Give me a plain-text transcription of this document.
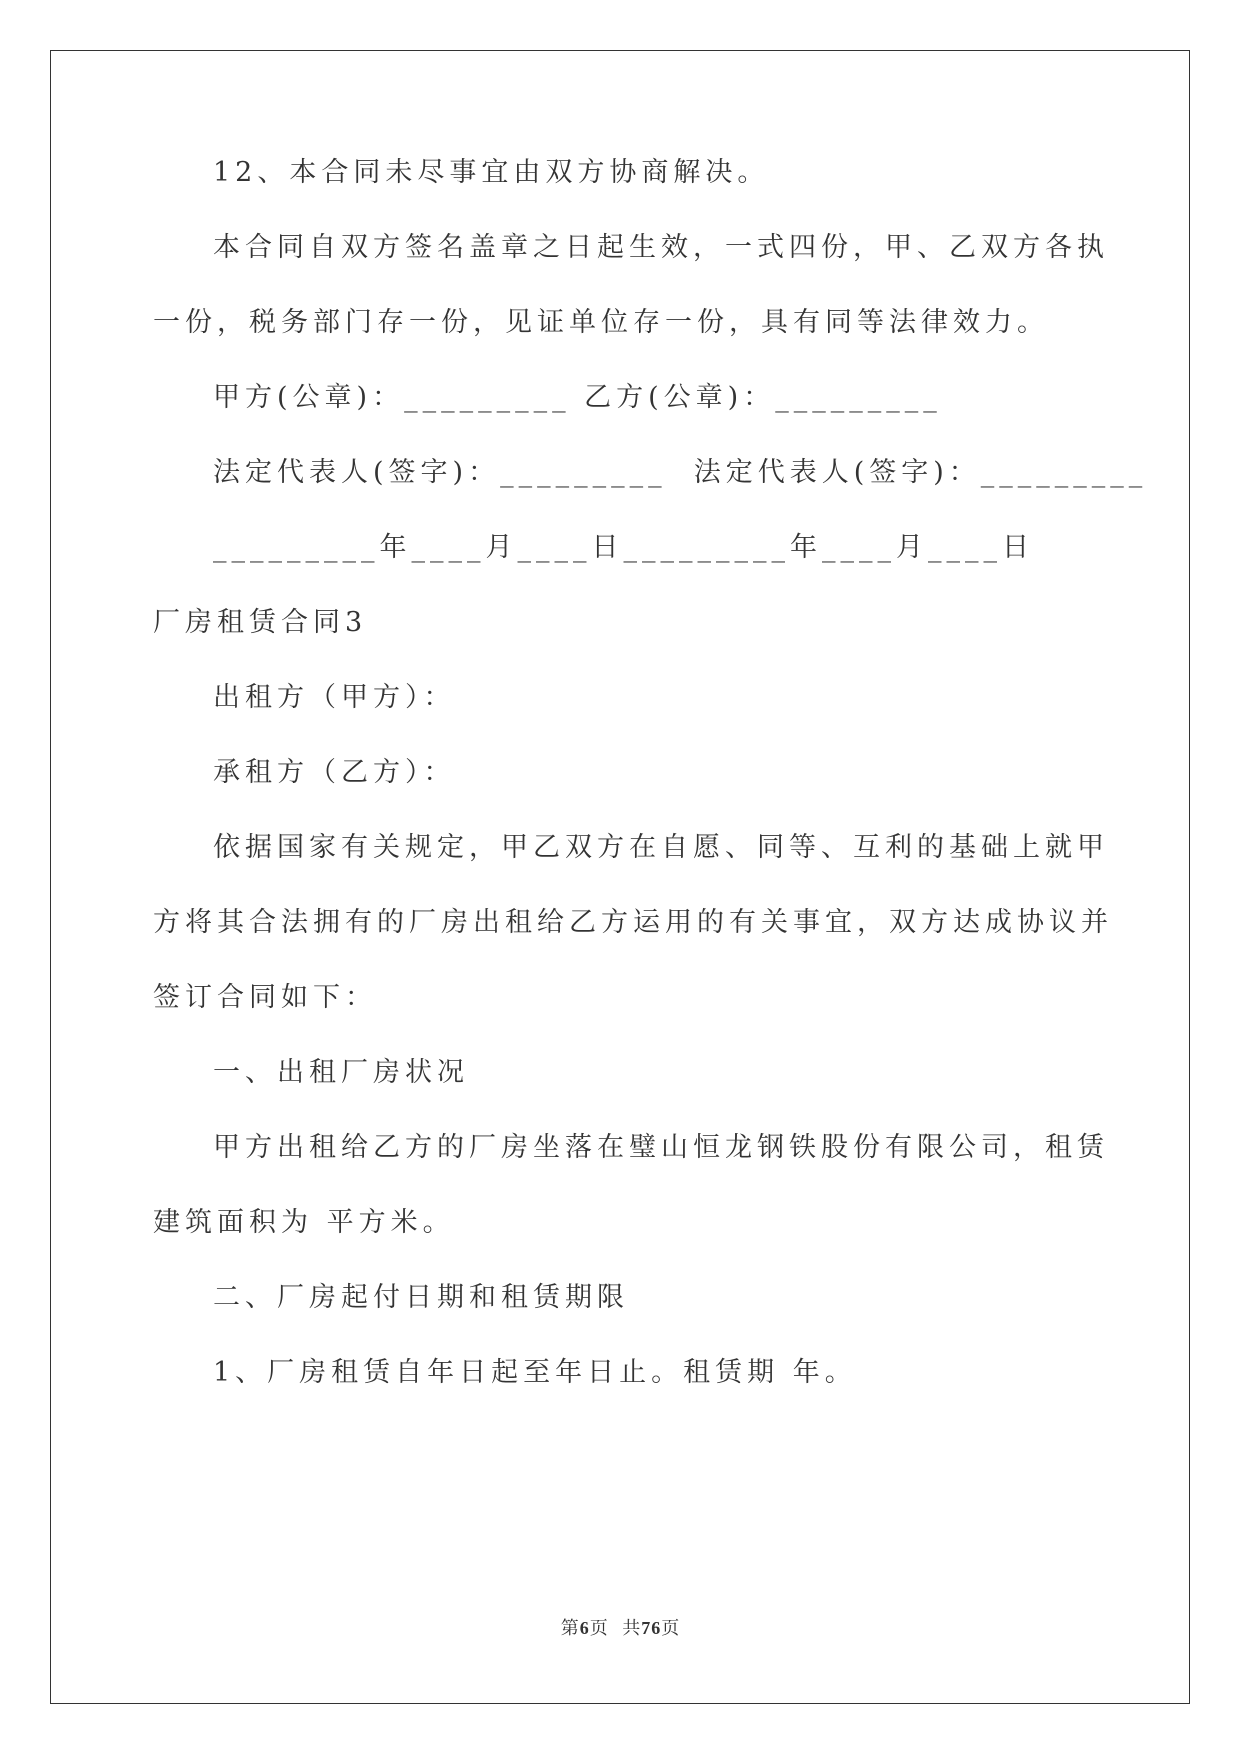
12、本合同未尽事宜由双方协商解决。
本合同自双方签名盖章之日起生效，一式四份，甲、乙双方各执
一份，税务部门存一份，见证单位存一份，具有同等法律效力。
甲方(公章)：_________ 乙方(公章)：_________
法定代表人(签字)：_________  法定代表人(签字)：_________
_________年____月____日_________年____月____日
厂房租赁合同3
出租方（甲方）：
承租方（乙方）：
依据国家有关规定，甲乙双方在自愿、同等、互利的基础上就甲
方将其合法拥有的厂房出租给乙方运用的有关事宜，双方达成协议并
签订合同如下：
一、出租厂房状况
甲方出租给乙方的厂房坐落在璧山恒龙钢铁股份有限公司，租赁
建筑面积为 平方米。
二、厂房起付日期和租赁期限
1、厂房租赁自年日起至年日止。租赁期 年。
第6页  共76页
